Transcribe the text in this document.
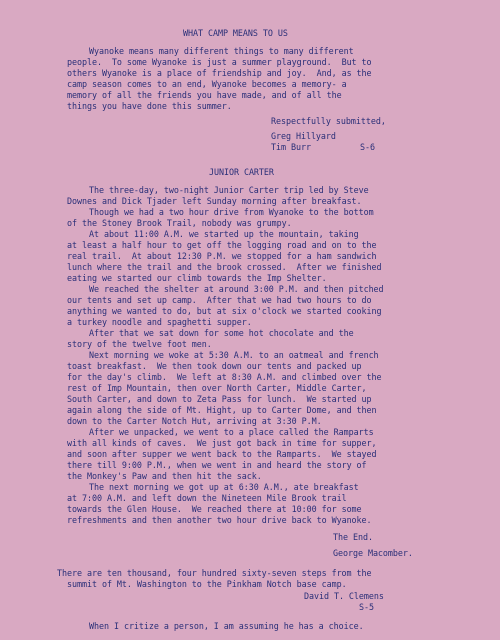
WHAT CAMP MEANS TO US
Wyanoke means many different things to many different
people.  To some Wyanoke is just a summer playground.  But to
others Wyanoke is a place of friendship and joy.  And, as the
camp season comes to an end, Wyanoke becomes a memory- a
memory of all the friends you have made, and of all the
things you have done this summer.
Respectfully submitted,
Greg Hillyard
Tim Burr	S-6
JUNIOR CARTER
The three-day, two-night Junior Carter trip led by Steve
Downes and Dick Tjader left Sunday morning after breakfast.
Though we had a two hour drive from Wyanoke to the bottom
of the Stoney Brook Trail, nobody was grumpy.
At about 11:00 A.M. we started up the mountain, taking
at least a half hour to get off the logging road and on to the
real trail.  At about 12:30 P.M. we stopped for a ham sandwich
lunch where the trail and the brook crossed.  After we finished
eating we started our climb towards the Imp Shelter.
We reached the shelter at around 3:00 P.M. and then pitched
our tents and set up camp.  After that we had two hours to do
anything we wanted to do, but at six o'clock we started cooking
a turkey noodle and spaghetti supper.
After that we sat down for some hot chocolate and the
story of the twelve foot men.
Next morning we woke at 5:30 A.M. to an oatmeal and french
toast breakfast.  We then took down our tents and packed up
for the day's climb.  We left at 8:30 A.M. and climbed over the
rest of Imp Mountain, then over North Carter, Middle Carter,
South Carter, and down to Zeta Pass for lunch.  We started up
again along the side of Mt. Hight, up to Carter Dome, and then
down to the Carter Notch Hut, arriving at 3:30 P.M.
After we unpacked, we went to a place called the Ramparts
with all kinds of caves.  We just got back in time for supper,
and soon after supper we went back to the Ramparts.  We stayed
there till 9:00 P.M., when we went in and heard the story of
the Monkey's Paw and then hit the sack.
The next morning we got up at 6:30 A.M., ate breakfast
at 7:00 A.M. and left down the Nineteen Mile Brook trail
towards the Glen House.  We reached there at 10:00 for some
refreshments and then another two hour drive back to Wyanoke.
The End.
George Macomber.
There are ten thousand, four hundred sixty-seven steps from the
summit of Mt. Washington to the Pinkham Notch base camp.
David T. Clemens
S-5
When I critize a person, I am assuming he has a choice.
